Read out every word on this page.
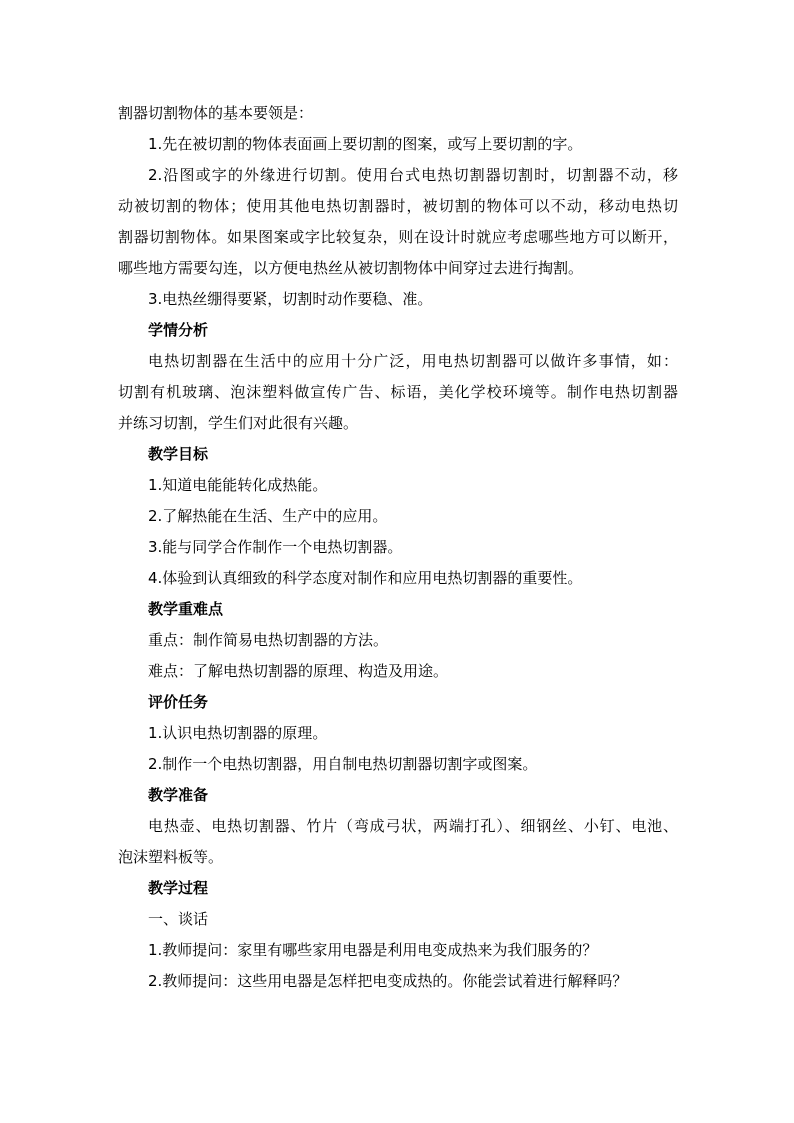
割器切割物体的基本要领是：
1.先在被切割的物体表面画上要切割的图案，或写上要切割的字。
2.沿图或字的外缘进行切割。使用台式电热切割器切割时，切割器不动，移
动被切割的物体；使用其他电热切割器时，被切割的物体可以不动，移动电热切
割器切割物体。如果图案或字比较复杂，则在设计时就应考虑哪些地方可以断开，
哪些地方需要勾连，以方便电热丝从被切割物体中间穿过去进行掏割。
3.电热丝绷得要紧，切割时动作要稳、准。
学情分析
电热切割器在生活中的应用十分广泛，用电热切割器可以做许多事情，如：
切割有机玻璃、泡沫塑料做宣传广告、标语，美化学校环境等。制作电热切割器
并练习切割，学生们对此很有兴趣。
教学目标
1.知道电能能转化成热能。
2.了解热能在生活、生产中的应用。
3.能与同学合作制作一个电热切割器。
4.体验到认真细致的科学态度对制作和应用电热切割器的重要性。
教学重难点
重点：制作简易电热切割器的方法。
难点：了解电热切割器的原理、构造及用途。
评价任务
1.认识电热切割器的原理。
2.制作一个电热切割器，用自制电热切割器切割字或图案。
教学准备
电热壶、电热切割器、竹片（弯成弓状，两端打孔）、细钢丝、小钉、电池、
泡沫塑料板等。
教学过程
一、谈话
1.教师提问：家里有哪些家用电器是利用电变成热来为我们服务的？
2.教师提问：这些用电器是怎样把电变成热的。你能尝试着进行解释吗？
